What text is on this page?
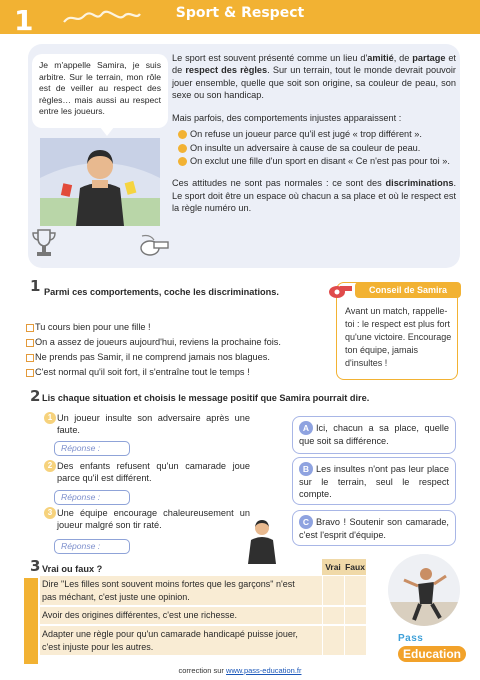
1	Sport & Respect
Je m'appelle Samira, je suis arbitre. Sur le terrain, mon rôle est de veiller au respect des règles… mais aussi au respect entre les joueurs.

Le sport est souvent présenté comme un lieu d'amitié, de partage et de respect des règles. Sur un terrain, tout le monde devrait pouvoir jouer ensemble, quelle que soit son origine, sa couleur de peau, son sexe ou son handicap.

Mais parfois, des comportements injustes apparaissent :

On refuse un joueur parce qu'il est jugé « trop différent ».
On insulte un adversaire à cause de sa couleur de peau.
On exclut une fille d'un sport en disant « Ce n'est pas pour toi ».

Ces attitudes ne sont pas normales : ce sont des discriminations. Le sport doit être un espace où chacun a sa place et où le respect est la règle numéro un.

1 Parmi ces comportements, coche les discriminations.
Tu cours bien pour une fille !
On a assez de joueurs aujourd'hui, reviens la prochaine fois.
Ne prends pas Samir, il ne comprend jamais nos blagues.
C'est normal qu'il soit fort, il s'entraîne tout le temps !
Conseil de Samira
Avant un match, rappelle-toi : le respect est plus fort qu'une victoire. Encourage ton équipe, jamais d'insultes !
2 Lis chaque situation et choisis le message positif que Samira pourrait dire.
1 Un joueur insulte son adversaire après une faute.
Réponse :
2 Des enfants refusent qu'un camarade joue parce qu'il est différent.
Réponse :
3 Une équipe encourage chaleureusement un joueur malgré son tir raté.
Réponse :
A Ici, chacun a sa place, quelle que soit sa différence.
B Les insultes n'ont pas leur place sur le terrain, seul le respect compte.
C Bravo ! Soutenir son camarade, c'est l'esprit d'équipe.
3 Vrai ou faux ?	Vrai Faux
Dire "Les filles sont souvent moins fortes que les garçons" n'est pas méchant, c'est juste une opinion.
Avoir des origines différentes, c'est une richesse.
Adapter une règle pour qu'un camarade handicapé puisse jouer, c'est injuste pour les autres.
Pass
Education
correction sur www.pass-education.fr
